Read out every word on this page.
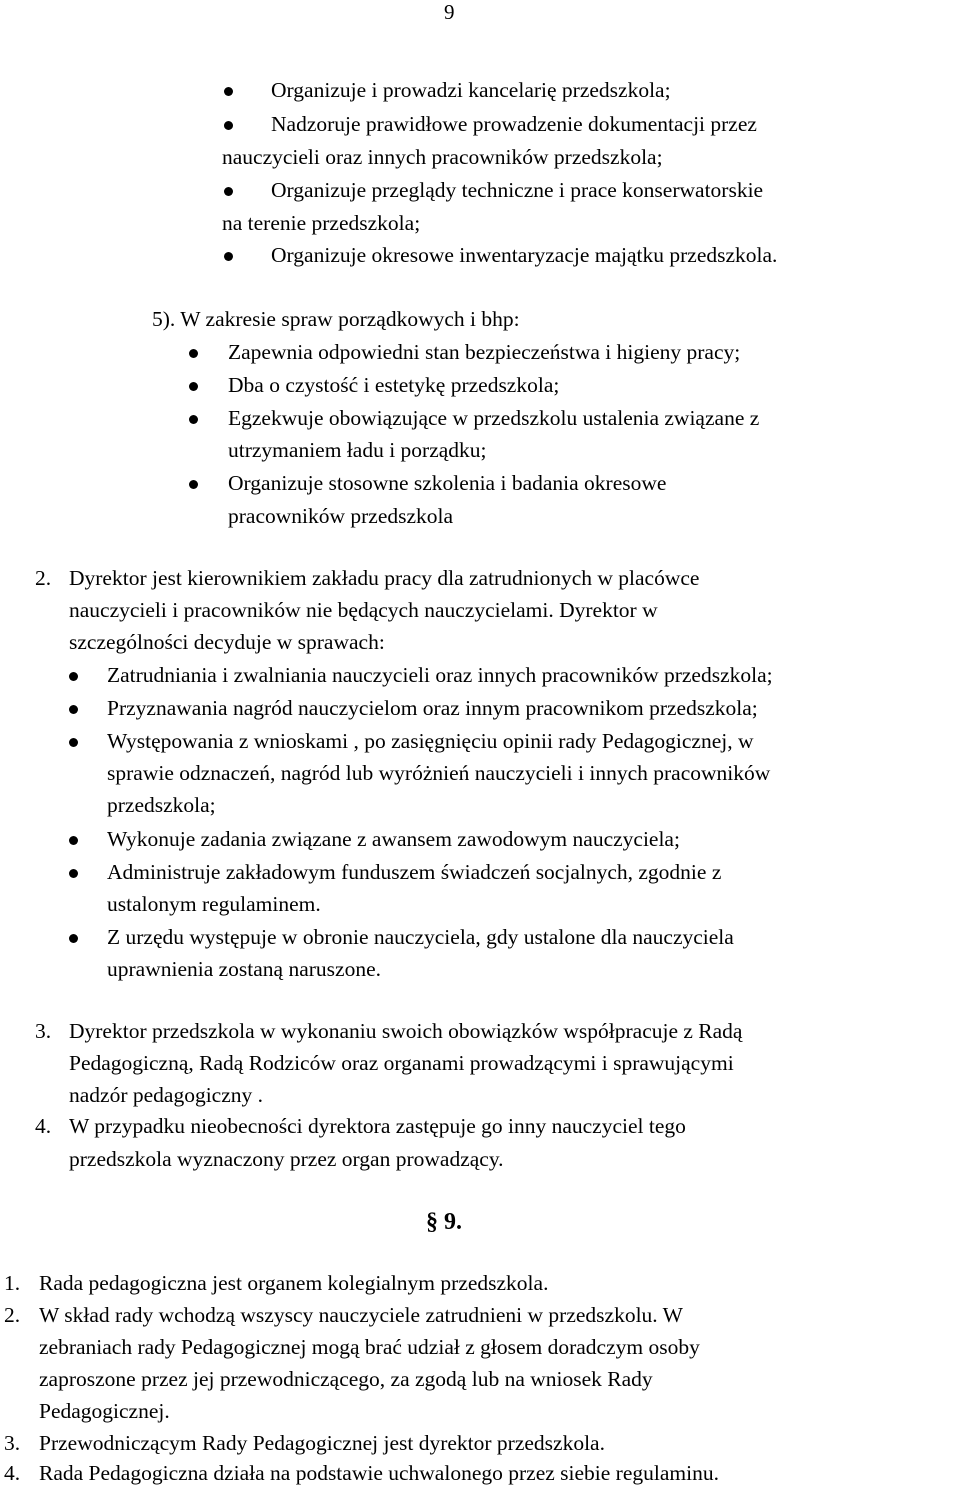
9
Organizuje i prowadzi kancelarię przedszkola;
Nadzoruje prawidłowe prowadzenie dokumentacji przez
nauczycieli oraz innych pracowników przedszkola;
Organizuje przeglądy techniczne i prace konserwatorskie
na terenie przedszkola;
Organizuje okresowe inwentaryzacje majątku przedszkola.
5). W zakresie spraw porządkowych i bhp:
Zapewnia odpowiedni stan bezpieczeństwa i higieny pracy;
Dba o czystość i estetykę przedszkola;
Egzekwuje obowiązujące w przedszkolu ustalenia związane z
utrzymaniem ładu i porządku;
Organizuje stosowne szkolenia i badania okresowe
pracowników przedszkola
2. Dyrektor jest kierownikiem zakładu pracy dla zatrudnionych w placówce
nauczycieli i pracowników nie będących nauczycielami. Dyrektor w
szczególności decyduje w sprawach:
Zatrudniania i zwalniania nauczycieli oraz innych pracowników przedszkola;
Przyznawania nagród nauczycielom oraz innym pracownikom przedszkola;
Występowania z wnioskami , po zasięgnięciu opinii rady Pedagogicznej, w
sprawie odznaczeń, nagród lub wyróżnień nauczycieli i innych pracowników
przedszkola;
Wykonuje zadania związane z awansem zawodowym nauczyciela;
Administruje zakładowym funduszem świadczeń socjalnych, zgodnie z
ustalonym regulaminem.
Z urzędu występuje w obronie nauczyciela, gdy ustalone dla nauczyciela
uprawnienia zostaną naruszone.
3. Dyrektor przedszkola w wykonaniu swoich obowiązków współpracuje z Radą
Pedagogiczną, Radą Rodziców oraz organami prowadzącymi i sprawującymi
nadzór pedagogiczny .
4. W przypadku nieobecności dyrektora zastępuje go inny nauczyciel tego
przedszkola wyznaczony przez organ prowadzący.
§ 9.
1. Rada pedagogiczna jest organem kolegialnym przedszkola.
2. W skład rady wchodzą wszyscy nauczyciele zatrudnieni w przedszkolu. W
zebraniach rady Pedagogicznej mogą brać udział z głosem doradczym osoby
zaproszone przez jej przewodniczącego, za zgodą lub na wniosek Rady
Pedagogicznej.
3. Przewodniczącym Rady Pedagogicznej jest dyrektor przedszkola.
4. Rada Pedagogiczna działa na podstawie uchwalonego przez siebie regulaminu.
